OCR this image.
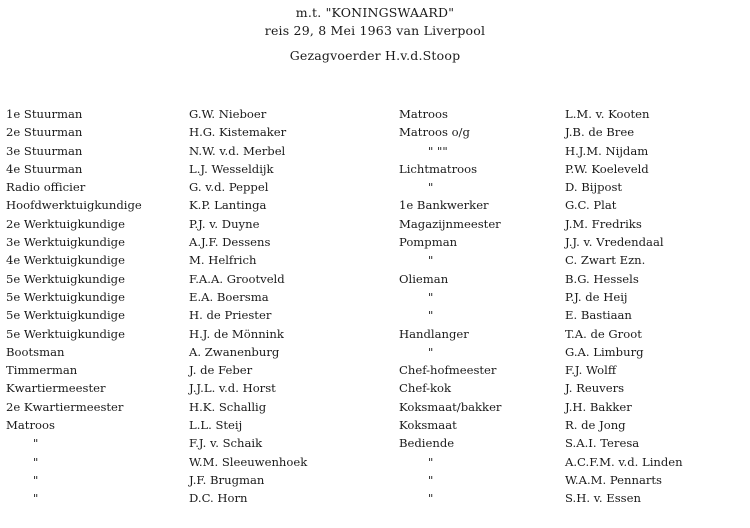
m.t. "KONINGSWAARD"
reis 29, 8 Mei 1963 van Liverpool
Gezagvoerder H.v.d.Stoop
1e Stuurman	G.W. Nieboer	Matroos	L.M. v. Kooten
2e Stuurman	H.G. Kistemaker	Matroos o/g	J.B. de Bree
3e Stuurman	N.W. v.d. Merbel	" ""	H.J.M. Nijdam
4e Stuurman	L.J. Wesseldijk	Lichtmatroos	P.W. Koeleveld
Radio officier	G. v.d. Peppel	"	D. Bijpost
Hoofdwerktuigkundige	K.P. Lantinga	1e Bankwerker	G.C. Plat
2e Werktuigkundige	P.J. v. Duyne	Magazijnmeester	J.M. Fredriks
3e Werktuigkundige	A.J.F. Dessens	Pompman	J.J. v. Vredendaal
4e Werktuigkundige	M. Helfrich	"	C. Zwart Ezn.
5e Werktuigkundige	F.A.A. Grootveld	Olieman	B.G. Hessels
5e Werktuigkundige	E.A. Boersma	"	P.J. de Heij
5e Werktuigkundige	H. de Priester	"	E. Bastiaan
5e Werktuigkundige	H.J. de Mönnink	Handlanger	T.A. de Groot
Bootsman	A. Zwanenburg	"	G.A. Limburg
Timmerman	J. de Feber	Chef-hofmeester	F.J. Wolff
Kwartiermeester	J.J.L. v.d. Horst	Chef-kok	J. Reuvers
2e Kwartiermeester	H.K. Schallig	Koksmaat/bakker	J.H. Bakker
Matroos	L.L. Steij	Koksmaat	R. de Jong
"	F.J. v. Schaik	Bediende	S.A.I. Teresa
"	W.M. Sleeuwenhoek	"	A.C.F.M. v.d. Linden
"	J.F. Brugman	"	W.A.M. Pennarts
"	D.C. Horn	"	S.H. v. Essen
